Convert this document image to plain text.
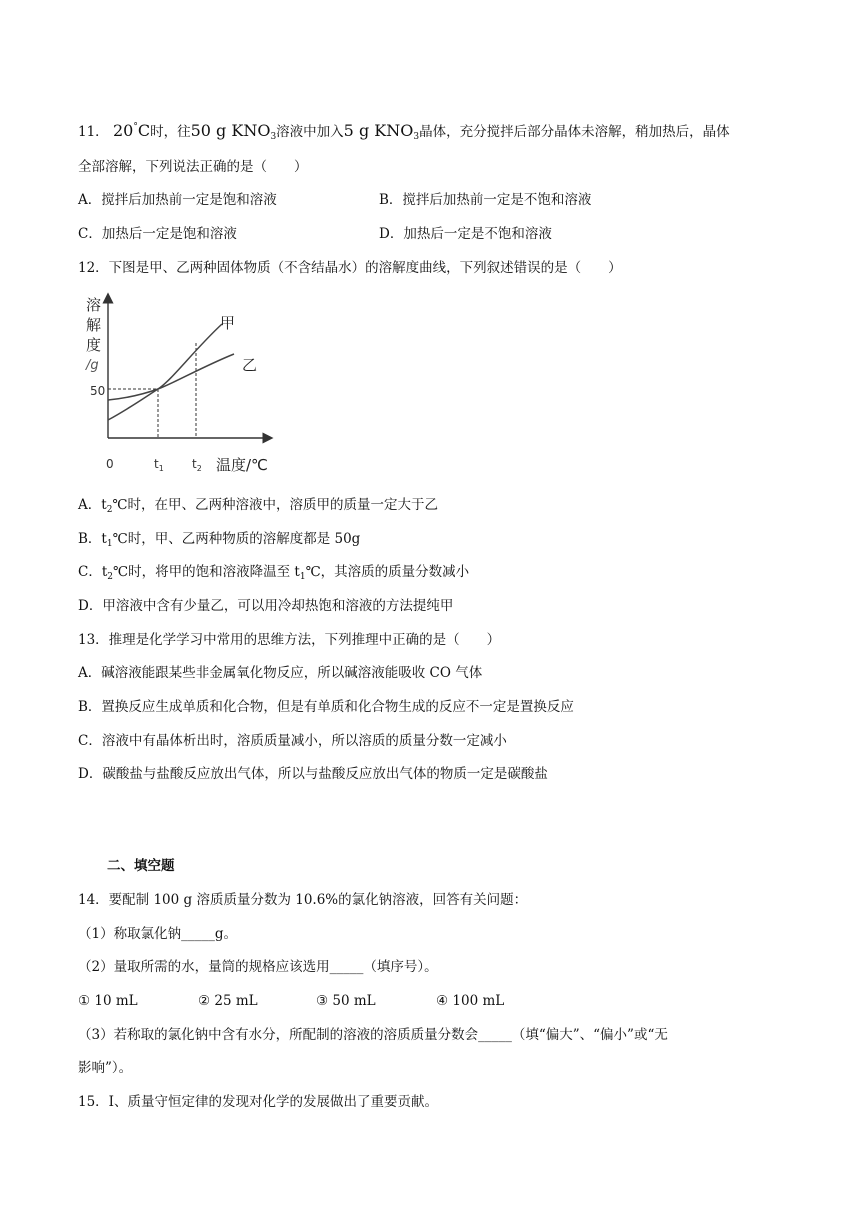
11． 20°C时，往50 g $KNO_3$溶液中加入5 g $KNO_3$晶体，充分搅拌后部分晶体未溶解，稍加热后，晶体
全部溶解，下列说法正确的是（　　）
A．搅拌后加热前一定是饱和溶液	B．搅拌后加热前一定是不饱和溶液
C．加热后一定是饱和溶液	D．加热后一定是不饱和溶液
12．下图是甲、乙两种固体物质（不含结晶水）的溶解度曲线，下列叙述错误的是（　　）
溶
解
度
/g
50
甲
乙
0	$t_1$ $t_2$ 温度/℃
A．$t_2℃$时，在甲、乙两种溶液中，溶质甲的质量一定大于乙
B．$t_1℃$时，甲、乙两种物质的溶解度都是 50g
C．$t_2℃$时，将甲的饱和溶液降温至 $t_1℃$，其溶质的质量分数减小
D．甲溶液中含有少量乙，可以用冷却热饱和溶液的方法提纯甲
13．推理是化学学习中常用的思维方法，下列推理中正确的是（　　）
A．碱溶液能跟某些非金属氧化物反应，所以碱溶液能吸收 CO 气体
B．置换反应生成单质和化合物，但是有单质和化合物生成的反应不一定是置换反应
C．溶液中有晶体析出时，溶质质量减小，所以溶质的质量分数一定减小
D．碳酸盐与盐酸反应放出气体，所以与盐酸反应放出气体的物质一定是碳酸盐
二、填空题
14．要配制 100 g 溶质质量分数为 10.6%的氯化钠溶液，回答有关问题：
（1）称取氯化钠_____g。
（2）量取所需的水，量筒的规格应该选用_____（填序号）。
① 10 mL	② 25 mL	③ 50 mL	④ 100 mL
（3）若称取的氯化钠中含有水分，所配制的溶液的溶质质量分数会_____（填“偏大”、“偏小”或“无
影响”）。
15．I、质量守恒定律的发现对化学的发展做出了重要贡献。
